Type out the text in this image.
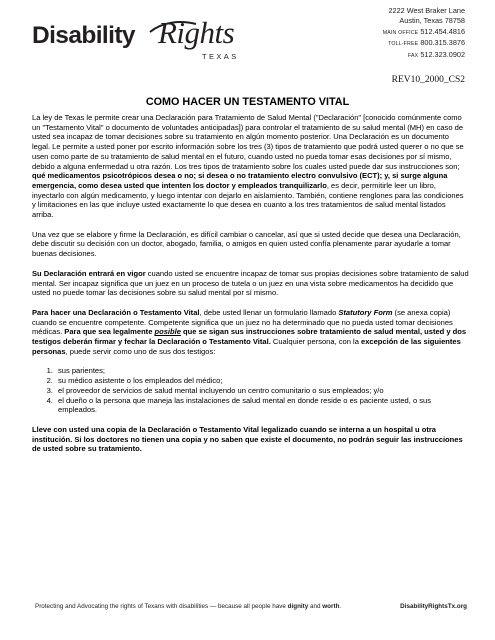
Disability Rights
TEXAS
2222 West Braker Lane
Austin, Texas 78758
MAIN OFFICE 512.454.4816
TOLL-FREE 800.315.3876
FAX 512.323.0902
REV10_2000_CS2
COMO HACER UN TESTAMENTO VITAL

La ley de Texas le permite crear una Declaración para Tratamiento de Salud Mental ("Declaración" [conocido comúnmente como un "Testamento Vital" o documento de voluntades anticipadas]) para controlar el tratamiento de su salud mental (MH) en caso de usted sea incapaz de tomar decisiones sobre su tratamiento en algún momento posterior. Una Declaración es un documento legal. Le permite a usted poner por escrito información sobre los tres (3) tipos de tratamiento que podrá usted querer o no que se usen como parte de su tratamiento de salud mental en el futuro, cuando usted no pueda tomar esas decisiones por sí mismo, debido a alguna enfermedad u otra razón. Los tres tipos de tratamiento sobre los cuales usted puede dar sus instrucciones son; qué medicamentos psicotrópicos desea o no; si desea o no tratamiento electro convulsivo (ECT); y, si surge alguna emergencia, como desea usted que intenten los doctor y empleados tranquilizarlo, es decir, permitirle leer un libro, inyectarlo con algún medicamento, y luego intentar con dejarlo en aislamiento. También, contiene renglones para las condiciones y limitaciones en las que incluye usted exactamente lo que desea en cuanto a los tres tratamientos de salud mental listados arriba.

Una vez que se elabore y firme la Declaración, es difícil cambiar o cancelar, así que si usted decide que desea una Declaración, debe discutir su decisión con un doctor, abogado, familia, o amigos en quien usted confía plenamente parar ayudarle a tomar buenas decisiones.

Su Declaración entrará en vigor cuando usted se encuentre incapaz de tomar sus propias decisiones sobre tratamiento de salud mental. Ser incapaz significa que un juez en un proceso de tutela o un juez en una vista sobre medicamentos ha decidido que usted no puede tomar las decisiones sobre su salud mental por sí mismo.

Para hacer una Declaración o Testamento Vital, debe usted llenar un formulario llamado Statutory Form (se anexa copia) cuando se encuentre competente. Competente significa que un juez no ha determinado que no pueda usted tomar decisiones médicas. Para que sea legalmente posible que se sigan sus instrucciones sobre tratamiento de salud mental, usted y dos testigos deberán firmar y fechar la Declaración o Testamento Vital. Cualquier persona, con la excepción de las siguientes personas, puede servir como uno de sus dos testigos:

1. sus parientes;
2. su médico asistente o los empleados del médico;
3. el proveedor de servicios de salud mental incluyendo un centro comunitario o sus empleados; y/o
4. el dueño o la persona que maneja las instalaciones de salud mental en donde reside o es paciente usted, o sus empleados.

Lleve con usted una copia de la Declaración o Testamento Vital legalizado cuando se interna a un hospital u otra institución. Si los doctores no tienen una copia y no saben que existe el documento, no podrán seguir las instrucciones de usted sobre su tratamiento.

Protecting and Advocating the rights of Texans with disabilities — because all people have dignity and worth.	DisabilityRightsTx.org
